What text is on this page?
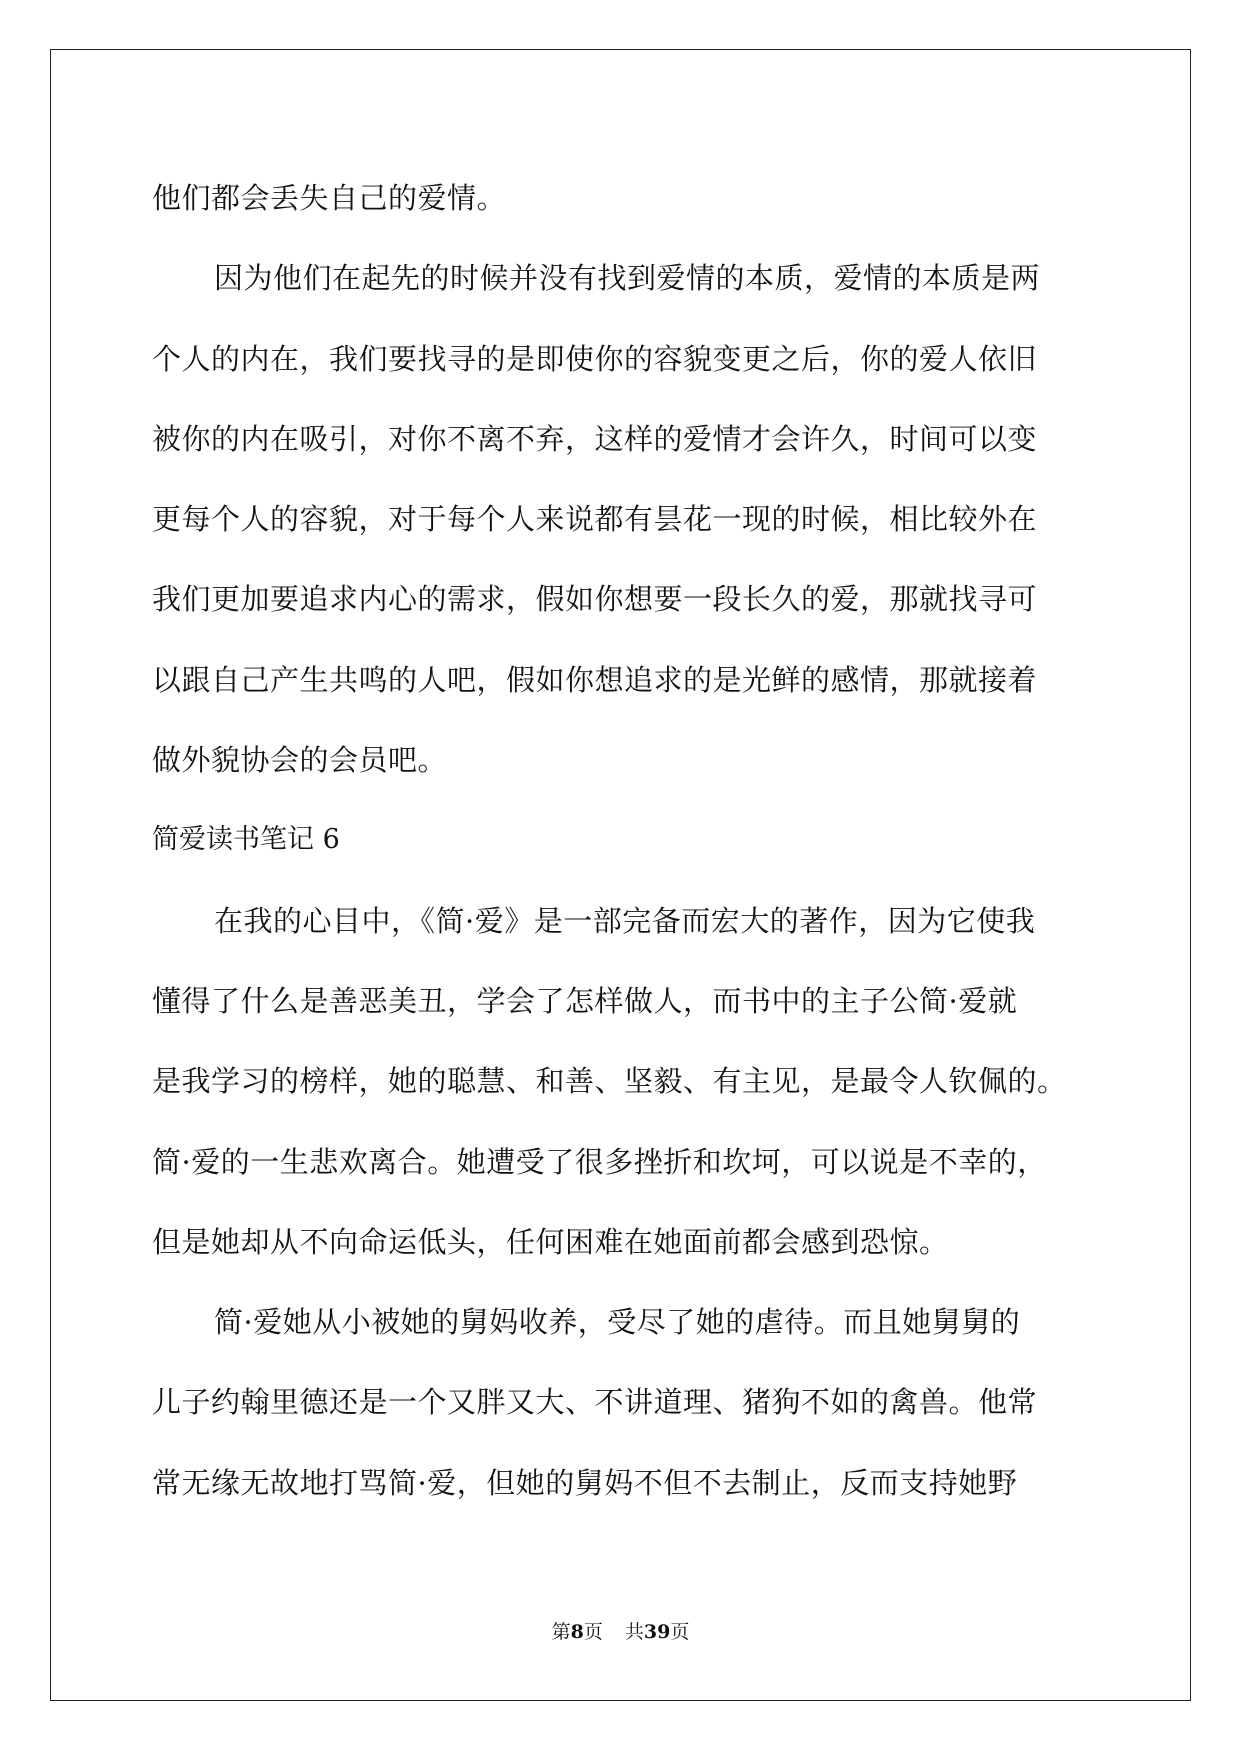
他们都会丢失自己的爱情。

因为他们在起先的时候并没有找到爱情的本质，爱情的本质是两

个人的内在，我们要找寻的是即使你的容貌变更之后，你的爱人依旧

被你的内在吸引，对你不离不弃，这样的爱情才会许久，时间可以变

更每个人的容貌，对于每个人来说都有昙花一现的时候，相比较外在

我们更加要追求内心的需求，假如你想要一段长久的爱，那就找寻可

以跟自己产生共鸣的人吧，假如你想追求的是光鲜的感情，那就接着

做外貌协会的会员吧。

简爱读书笔记 6

在我的心目中，《简·爱》是一部完备而宏大的著作，因为它使我

懂得了什么是善恶美丑，学会了怎样做人，而书中的主子公简·爱就

是我学习的榜样，她的聪慧、和善、坚毅、有主见，是最令人钦佩的。

简·爱的一生悲欢离合。她遭受了很多挫折和坎坷，可以说是不幸的，

但是她却从不向命运低头，任何困难在她面前都会感到恐惊。

简·爱她从小被她的舅妈收养，受尽了她的虐待。而且她舅舅的

儿子约翰里德还是一个又胖又大、不讲道理、猪狗不如的禽兽。他常

常无缘无故地打骂简·爱，但她的舅妈不但不去制止，反而支持她野

第8页 共39页
